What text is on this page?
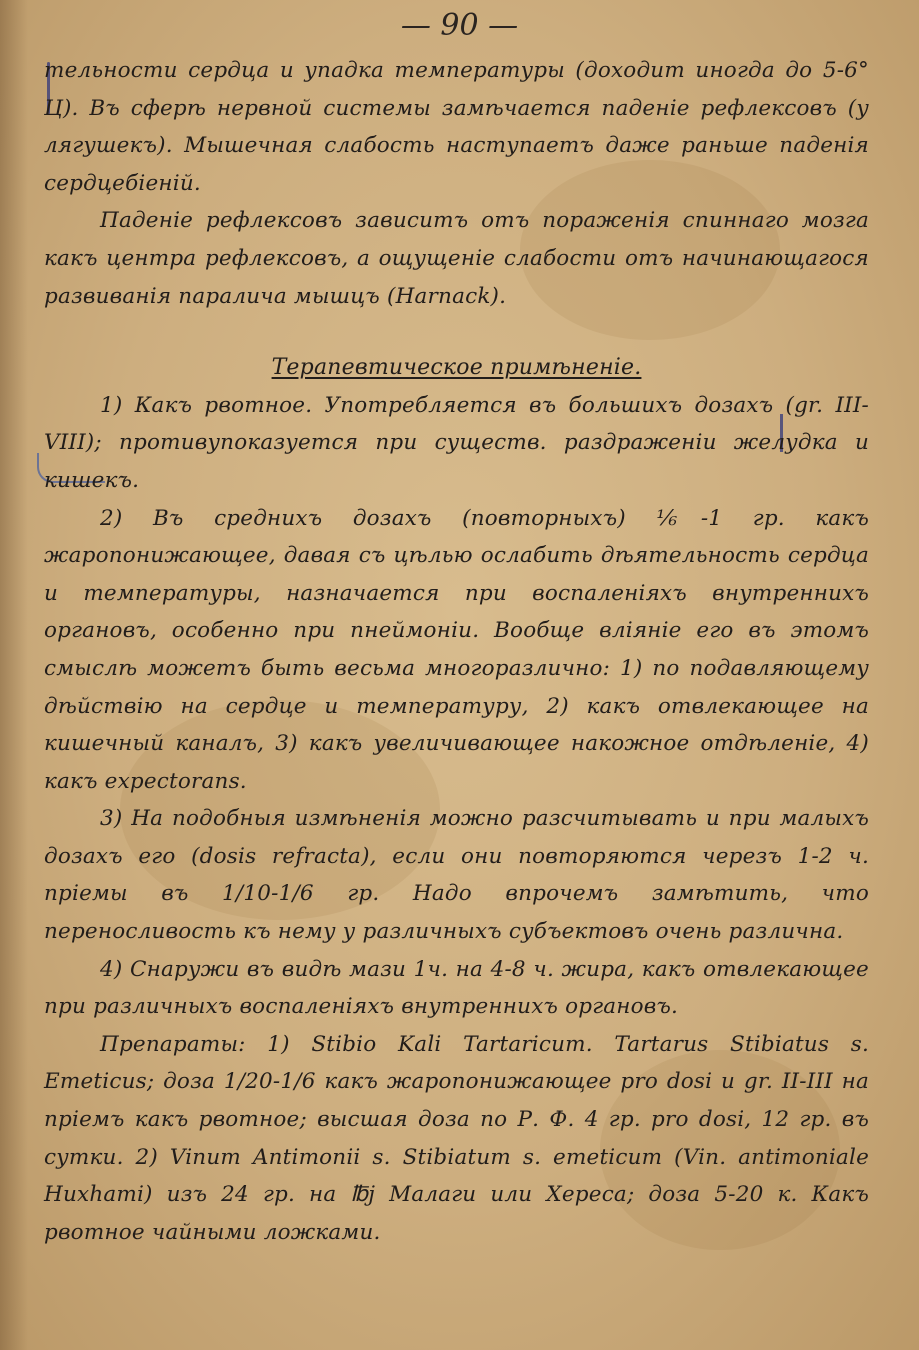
— 90 —

тельности сердца и упадка температуры (доходит иногда до 5-6° Ц). Въ сферѣ нервной системы замѣчается паденіе рефлексовъ (у лягушекъ). Мышечная слабость наступаетъ даже раньше паденія сердцебіеній.

Паденіе рефлексовъ зависитъ отъ пораженія спиннаго мозга какъ центра рефлексовъ, а ощущеніе слабости отъ начинающагося развиванія паралича мышцъ (Harnack).

Терапевтическое примѣненіе.

1) Какъ рвотное. Употребляется въ большихъ дозахъ (gr. III-VIII); противупоказуется при существ. раздраженіи желудка и кишекъ.

2) Въ среднихъ дозахъ (повторныхъ) ⅙-1 гр. какъ жаропонижающее, давая съ цѣлью ослабить дѣятельность сердца и температуры, назначается при воспаленіяхъ внутреннихъ органовъ, особенно при пнеймоніи. Вообще вліяніе его въ этомъ смыслѣ можетъ быть весьма многоразлично: 1) по подавляющему дѣйствію на сердце и температуру, 2) какъ отвлекающее на кишечный каналъ, 3) какъ увеличивающее накожное отдѣленіе, 4) какъ expectorans.

3) На подобныя измѣненія можно разсчитывать и при малыхъ дозахъ его (dosis refracta), если они повторяются черезъ 1-2 ч. пріемы въ 1/10-1/6 гр. Надо впрочемъ замѣтить, что переносливость къ нему у различныхъ субъектовъ очень различна.

4) Снаружи въ видѣ мази 1ч. на 4-8 ч. жира, какъ отвлекающее при различныхъ воспаленіяхъ внутреннихъ органовъ.

Препараты: 1) Stibio Kali Tartaricum. Tartarus Stibiatus s. Emeticus; доза 1/20-1/6 какъ жаропонижающее pro dosi и gr. II-III на пріемъ какъ рвотное; высшая доза по Р. Ф. 4 гр. pro dosi, 12 гр. въ сутки. 2) Vinum Antimonii s. Stibiatum s. emeticum (Vin. antimoniale Huxhami) изъ 24 гр. на ℔j Малаги или Хереса; доза 5-20 к. Какъ рвотное чайными ложками.
